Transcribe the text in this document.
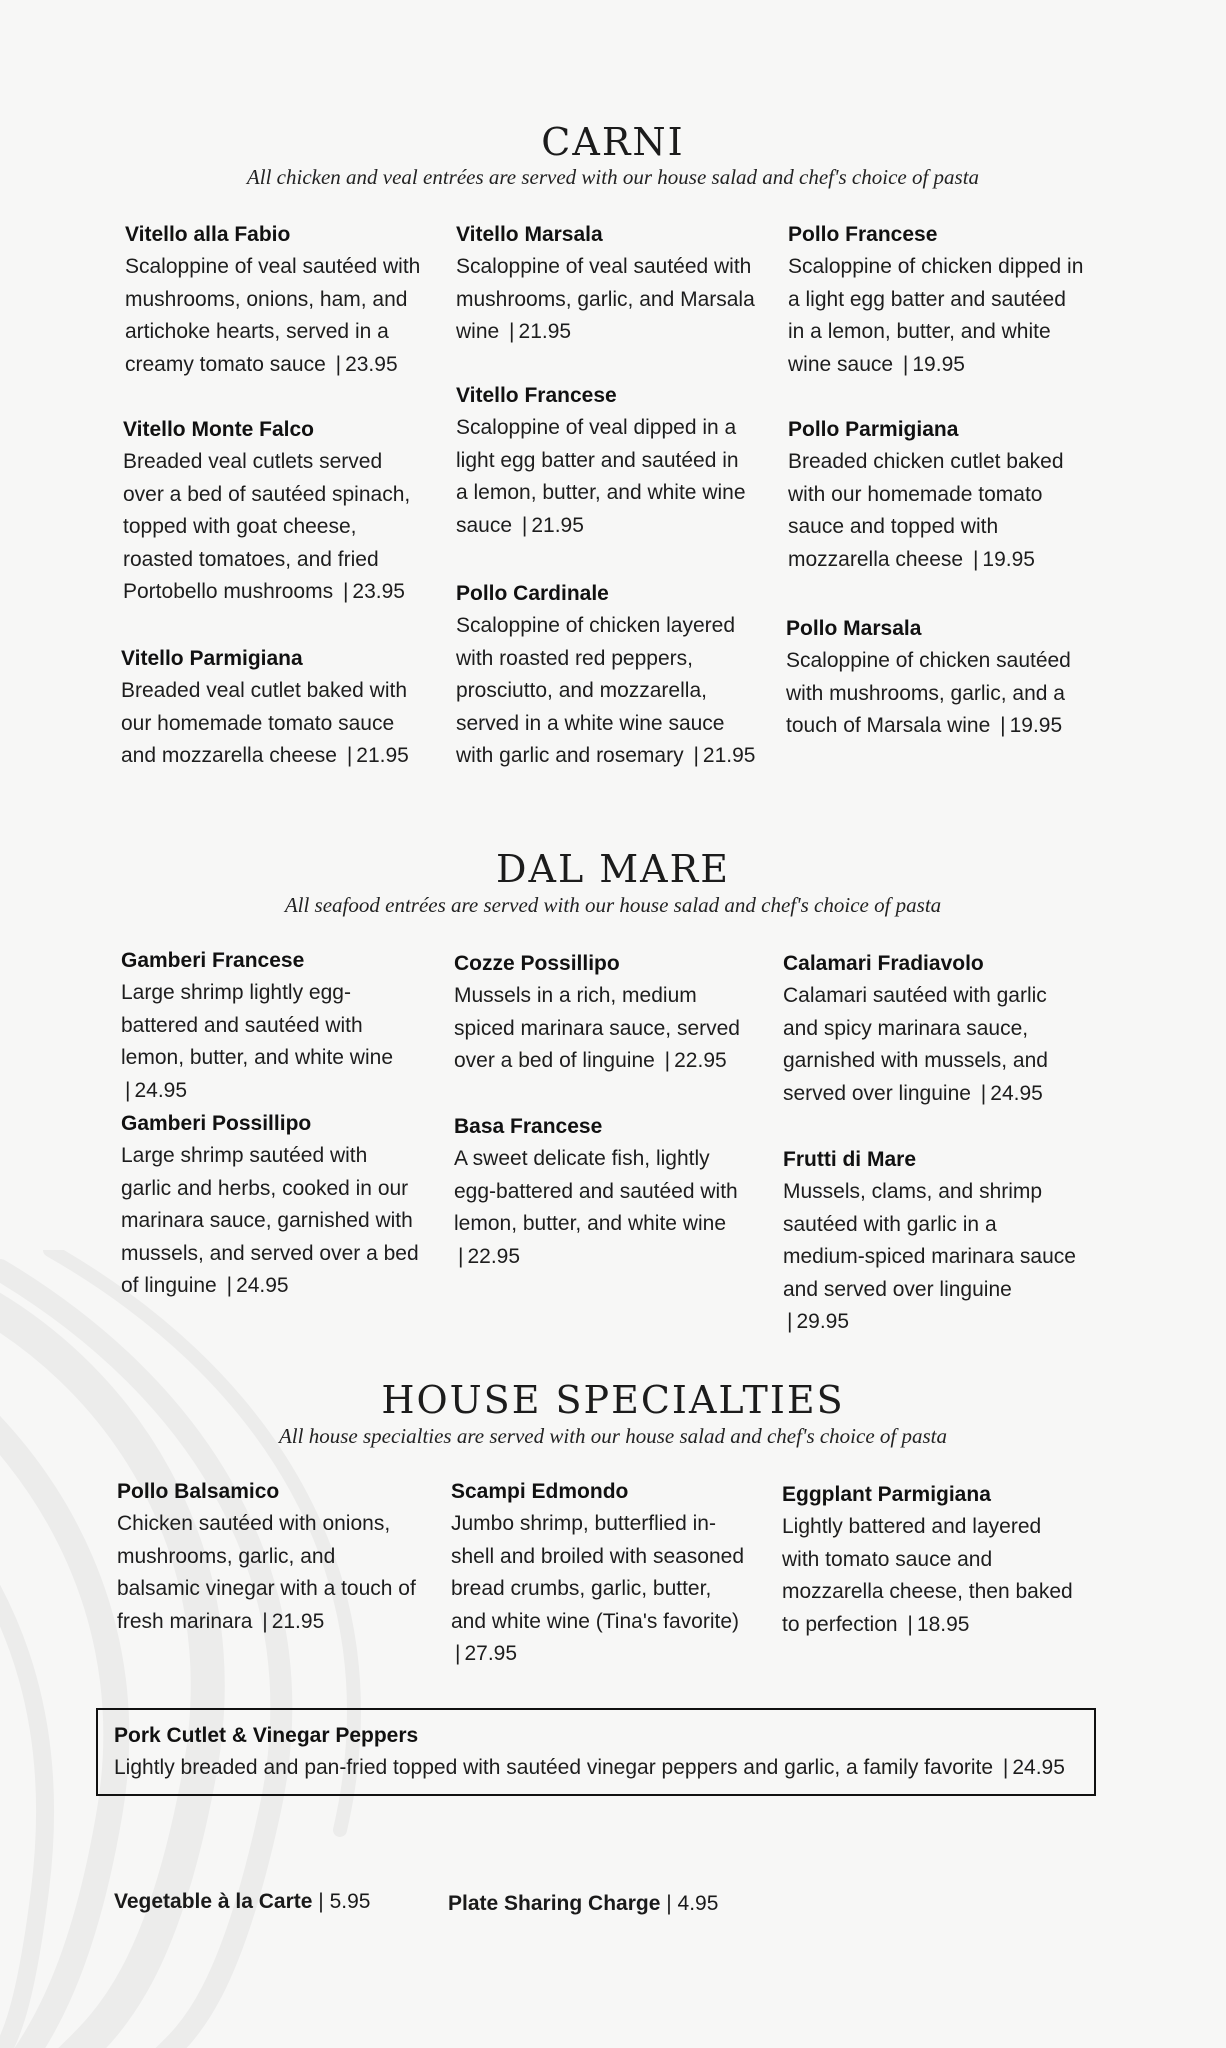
CARNI
All chicken and veal entrées are served with our house salad and chef's choice of pasta
Vitello alla Fabio
Scaloppine of veal sautéed with mushrooms, onions, ham, and artichoke hearts, served in a creamy tomato sauce | 23.95
Vitello Monte Falco
Breaded veal cutlets served over a bed of sautéed spinach, topped with goat cheese, roasted tomatoes, and fried Portobello mushrooms | 23.95
Vitello Parmigiana
Breaded veal cutlet baked with our homemade tomato sauce and mozzarella cheese | 21.95
Vitello Marsala
Scaloppine of veal sautéed with mushrooms, garlic, and Marsala wine | 21.95
Vitello Francese
Scaloppine of veal dipped in a light egg batter and sautéed in a lemon, butter, and white wine sauce | 21.95
Pollo Cardinale
Scaloppine of chicken layered with roasted red peppers, prosciutto, and mozzarella, served in a white wine sauce with garlic and rosemary | 21.95
Pollo Francese
Scaloppine of chicken dipped in a light egg batter and sautéed in a lemon, butter, and white wine sauce | 19.95
Pollo Parmigiana
Breaded chicken cutlet baked with our homemade tomato sauce and topped with mozzarella cheese | 19.95
Pollo Marsala
Scaloppine of chicken sautéed with mushrooms, garlic, and a touch of Marsala wine | 19.95
DAL MARE
All seafood entrées are served with our house salad and chef's choice of pasta
Gamberi Francese
Large shrimp lightly egg-battered and sautéed with lemon, butter, and white wine | 24.95
Gamberi Possillipo
Large shrimp sautéed with garlic and herbs, cooked in our marinara sauce, garnished with mussels, and served over a bed of linguine | 24.95
Cozze Possillipo
Mussels in a rich, medium spiced marinara sauce, served over a bed of linguine | 22.95
Basa Francese
A sweet delicate fish, lightly egg-battered and sautéed with lemon, butter, and white wine | 22.95
Calamari Fradiavolo
Calamari sautéed with garlic and spicy marinara sauce, garnished with mussels, and served over linguine | 24.95
Frutti di Mare
Mussels, clams, and shrimp sautéed with garlic in a medium-spiced marinara sauce and served over linguine | 29.95
HOUSE SPECIALTIES
All house specialties are served with our house salad and chef's choice of pasta
Pollo Balsamico
Chicken sautéed with onions, mushrooms, garlic, and balsamic vinegar with a touch of fresh marinara | 21.95
Scampi Edmondo
Jumbo shrimp, butterflied in-shell and broiled with seasoned bread crumbs, garlic, butter, and white wine (Tina's favorite) | 27.95
Eggplant Parmigiana
Lightly battered and layered with tomato sauce and mozzarella cheese, then baked to perfection | 18.95
Pork Cutlet & Vinegar Peppers
Lightly breaded and pan-fried topped with sautéed vinegar peppers and garlic, a family favorite | 24.95
Vegetable à la Carte | 5.95	Plate Sharing Charge | 4.95
